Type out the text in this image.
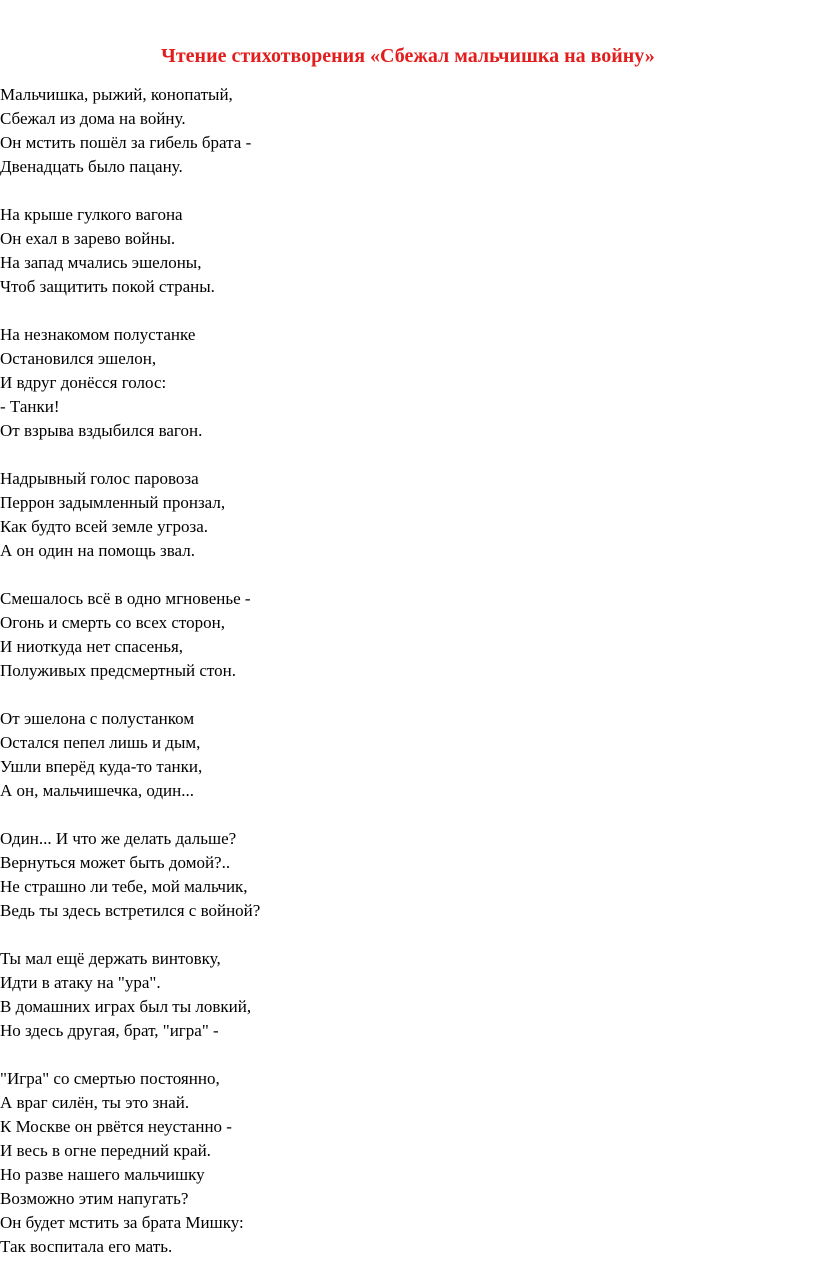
Чтение стихотворения «Сбежал мальчишка на войну»
Мальчишка, рыжий, конопатый,
Сбежал из дома на войну.
Он мстить пошёл за гибель брата -
Двенадцать было пацану.
На крыше гулкого вагона
Он ехал в зарево войны.
На запад мчались эшелоны,
Чтоб защитить покой страны.
На незнакомом полустанке
Остановился эшелон,
И вдруг донёсся голос:
- Танки!
От взрыва вздыбился вагон.
Надрывный голос паровоза
Перрон задымленный пронзал,
Как будто всей земле угроза.
А он один на помощь звал.
Смешалось всё в одно мгновенье -
Огонь и смерть со всех сторон,
И ниоткуда нет спасенья,
Полуживых предсмертный стон.
От эшелона с полустанком
Остался пепел лишь и дым,
Ушли вперёд куда-то танки,
А он, мальчишечка, один...
Один... И что же делать дальше?
Вернуться может быть домой?..
Не страшно ли тебе, мой мальчик,
Ведь ты здесь встретился с войной?
Ты мал ещё держать винтовку,
Идти в атаку на "ура".
В домашних играх был ты ловкий,
Но здесь другая, брат, "игра" -
"Игра" со смертью постоянно,
А враг силён, ты это знай.
К Москве он рвётся неустанно -
И весь в огне передний край.
Но разве нашего мальчишку
Возможно этим напугать?
Он будет мстить за брата Мишку:
Так воспитала его мать.
